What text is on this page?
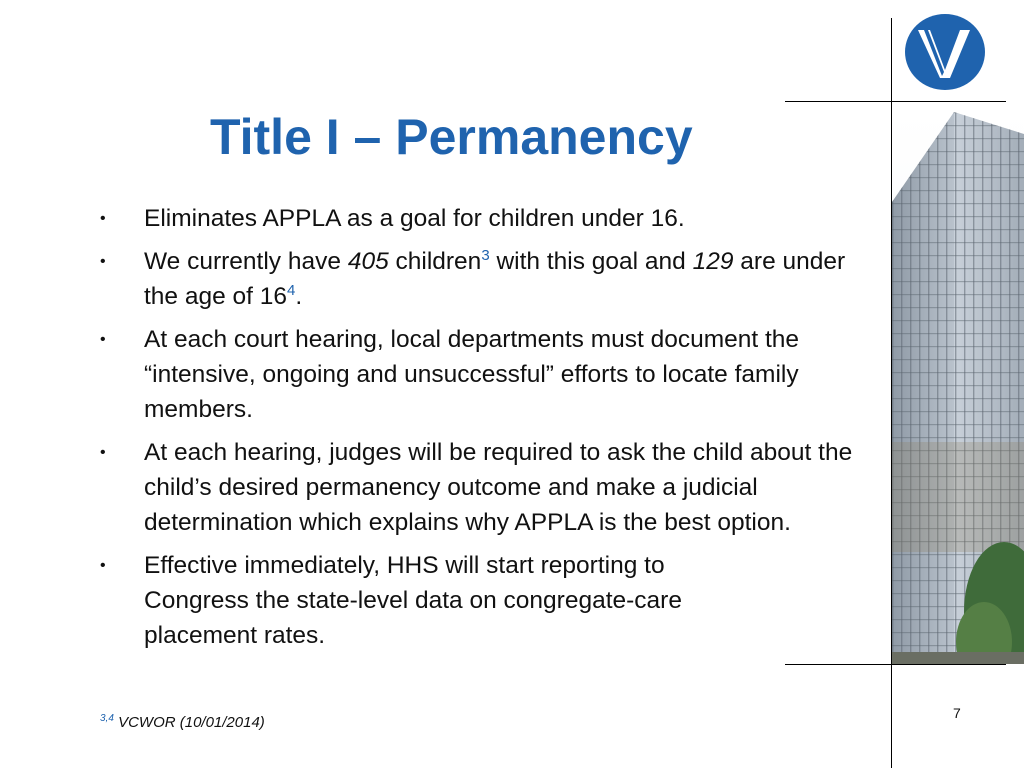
Title I – Permanency
• Eliminates APPLA as a goal for children under 16.
• We currently have 405 children$^3$ with this goal and 129 are under the age of 16$^4$.
• At each court hearing, local departments must document the “intensive, ongoing and unsuccessful” efforts to locate family members.
• At each hearing, judges will be required to ask the child about the child’s desired permanency outcome and make a judicial determination which explains why APPLA is the best option.
• Effective immediately, HHS will start reporting to Congress the state-level data on congregate-care placement rates.
$^{3,4}$ VCWOR (10/01/2014)
7
